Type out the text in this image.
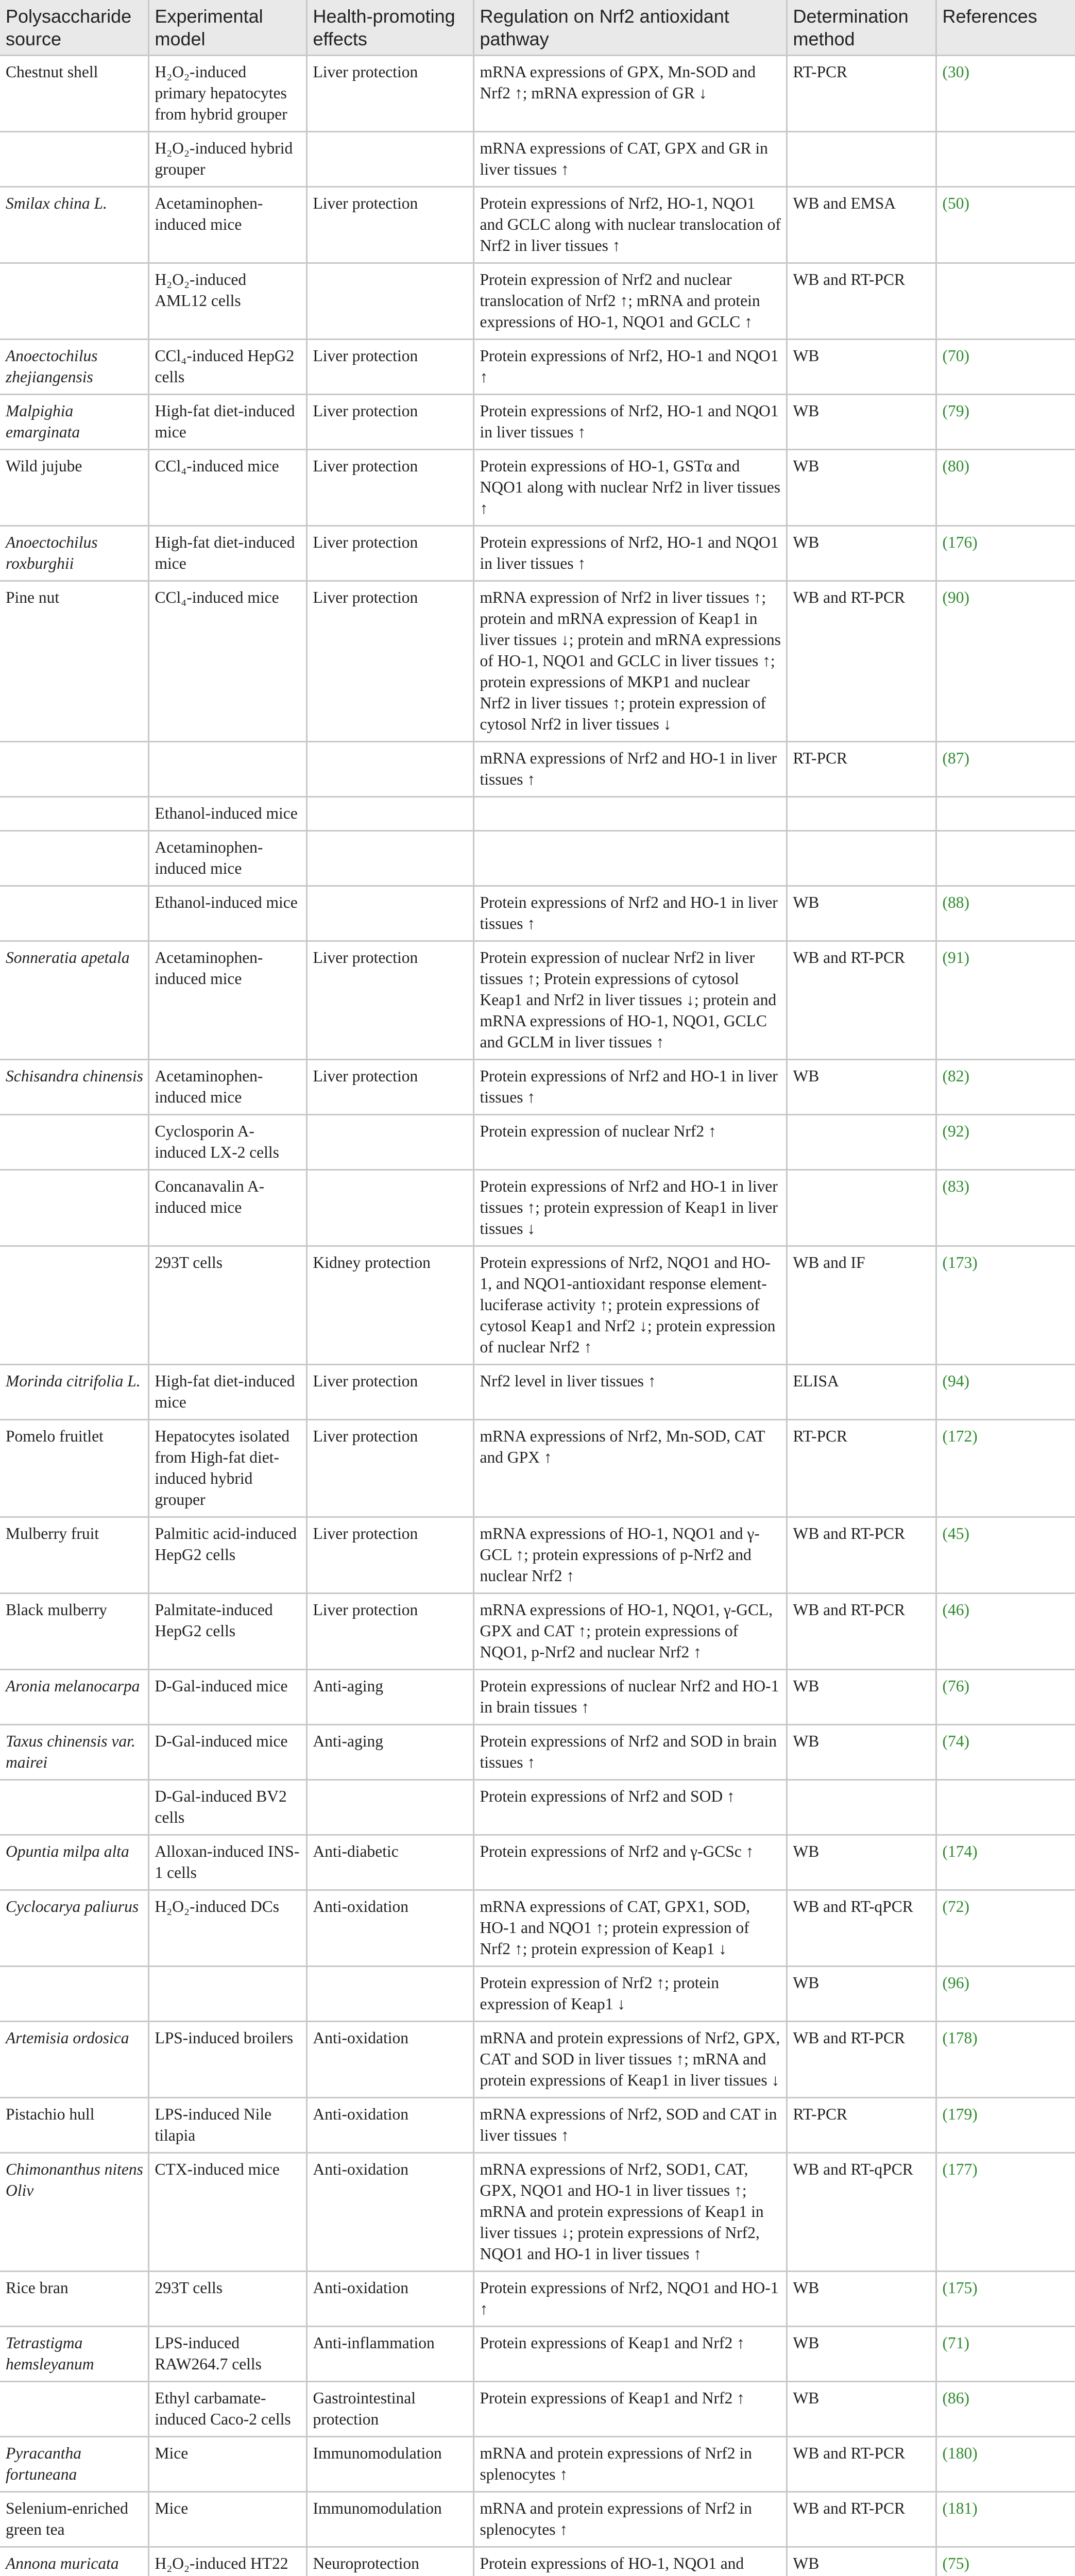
Polysaccharide source	Experimental model	Health-promoting effects	Regulation on Nrf2 antioxidant pathway	Determination method	References
Chestnut shell	H₂O₂-induced primary hepatocytes from hybrid grouper	Liver protection	mRNA expressions of GPX, Mn-SOD and Nrf2 ↑; mRNA expression of GR ↓	RT-PCR	(30)
	H₂O₂-induced hybrid grouper		mRNA expressions of CAT, GPX and GR in liver tissues ↑		
Smilax china L.	Acetaminophen-induced mice	Liver protection	Protein expressions of Nrf2, HO-1, NQO1 and GCLC along with nuclear translocation of Nrf2 in liver tissues ↑	WB and EMSA	(50)
	H₂O₂-induced AML12 cells		Protein expression of Nrf2 and nuclear translocation of Nrf2 ↑; mRNA and protein expressions of HO-1, NQO1 and GCLC ↑	WB and RT-PCR	
Anoectochilus zhejiangensis	CCl₄-induced HepG2 cells	Liver protection	Protein expressions of Nrf2, HO-1 and NQO1 ↑	WB	(70)
Malpighia emarginata	High-fat diet-induced mice	Liver protection	Protein expressions of Nrf2, HO-1 and NQO1 in liver tissues ↑	WB	(79)
Wild jujube	CCl₄-induced mice	Liver protection	Protein expressions of HO-1, GSTα and NQO1 along with nuclear Nrf2 in liver tissues ↑	WB	(80)
Anoectochilus roxburghii	High-fat diet-induced mice	Liver protection	Protein expressions of Nrf2, HO-1 and NQO1 in liver tissues ↑	WB	(176)
Pine nut	CCl₄-induced mice	Liver protection	mRNA expression of Nrf2 in liver tissues ↑; protein and mRNA expression of Keap1 in liver tissues ↓; protein and mRNA expressions of HO-1, NQO1 and GCLC in liver tissues ↑; protein expressions of MKP1 and nuclear Nrf2 in liver tissues ↑; protein expression of cytosol Nrf2 in liver tissues ↓	WB and RT-PCR	(90)
			mRNA expressions of Nrf2 and HO-1 in liver tissues ↑	RT-PCR	(87)
	Ethanol-induced mice				
	Acetaminophen-induced mice				
	Ethanol-induced mice		Protein expressions of Nrf2 and HO-1 in liver tissues ↑	WB	(88)
Sonneratia apetala	Acetaminophen-induced mice	Liver protection	Protein expression of nuclear Nrf2 in liver tissues ↑; Protein expressions of cytosol Keap1 and Nrf2 in liver tissues ↓; protein and mRNA expressions of HO-1, NQO1, GCLC and GCLM in liver tissues ↑	WB and RT-PCR	(91)
Schisandra chinensis	Acetaminophen-induced mice	Liver protection	Protein expressions of Nrf2 and HO-1 in liver tissues ↑	WB	(82)
	Cyclosporin A-induced LX-2 cells		Protein expression of nuclear Nrf2 ↑		(92)
	Concanavalin A-induced mice		Protein expressions of Nrf2 and HO-1 in liver tissues ↑; protein expression of Keap1 in liver tissues ↓		(83)
	293T cells	Kidney protection	Protein expressions of Nrf2, NQO1 and HO-1, and NQO1-antioxidant response element-luciferase activity ↑; protein expressions of cytosol Keap1 and Nrf2 ↓; protein expression of nuclear Nrf2 ↑	WB and IF	(173)
Morinda citrifolia L.	High-fat diet-induced mice	Liver protection	Nrf2 level in liver tissues ↑	ELISA	(94)
Pomelo fruitlet	Hepatocytes isolated from High-fat diet-induced hybrid grouper	Liver protection	mRNA expressions of Nrf2, Mn-SOD, CAT and GPX ↑	RT-PCR	(172)
Mulberry fruit	Palmitic acid-induced HepG2 cells	Liver protection	mRNA expressions of HO-1, NQO1 and γ-GCL ↑; protein expressions of p-Nrf2 and nuclear Nrf2 ↑	WB and RT-PCR	(45)
Black mulberry	Palmitate-induced HepG2 cells	Liver protection	mRNA expressions of HO-1, NQO1, γ-GCL, GPX and CAT ↑; protein expressions of NQO1, p-Nrf2 and nuclear Nrf2 ↑	WB and RT-PCR	(46)
Aronia melanocarpa	D-Gal-induced mice	Anti-aging	Protein expressions of nuclear Nrf2 and HO-1 in brain tissues ↑	WB	(76)
Taxus chinensis var. mairei	D-Gal-induced mice	Anti-aging	Protein expressions of Nrf2 and SOD in brain tissues ↑	WB	(74)
	D-Gal-induced BV2 cells		Protein expressions of Nrf2 and SOD ↑		
Opuntia milpa alta	Alloxan-induced INS-1 cells	Anti-diabetic	Protein expressions of Nrf2 and γ-GCSc ↑	WB	(174)
Cyclocarya paliurus	H₂O₂-induced DCs	Anti-oxidation	mRNA expressions of CAT, GPX1, SOD, HO-1 and NQO1 ↑; protein expression of Nrf2 ↑; protein expression of Keap1 ↓	WB and RT-qPCR	(72)
			Protein expression of Nrf2 ↑; protein expression of Keap1 ↓	WB	(96)
Artemisia ordosica	LPS-induced broilers	Anti-oxidation	mRNA and protein expressions of Nrf2, GPX, CAT and SOD in liver tissues ↑; mRNA and protein expressions of Keap1 in liver tissues ↓	WB and RT-PCR	(178)
Pistachio hull	LPS-induced Nile tilapia	Anti-oxidation	mRNA expressions of Nrf2, SOD and CAT in liver tissues ↑	RT-PCR	(179)
Chimonanthus nitens Oliv	CTX-induced mice	Anti-oxidation	mRNA expressions of Nrf2, SOD1, CAT, GPX, NQO1 and HO-1 in liver tissues ↑; mRNA and protein expressions of Keap1 in liver tissues ↓; protein expressions of Nrf2, NQO1 and HO-1 in liver tissues ↑	WB and RT-qPCR	(177)
Rice bran	293T cells	Anti-oxidation	Protein expressions of Nrf2, NQO1 and HO-1 ↑	WB	(175)
Tetrastigma hemsleyanum	LPS-induced RAW264.7 cells	Anti-inflammation	Protein expressions of Keap1 and Nrf2 ↑	WB	(71)
	Ethyl carbamate-induced Caco-2 cells	Gastrointestinal protection	Protein expressions of Keap1 and Nrf2 ↑	WB	(86)
Pyracantha fortuneana	Mice	Immunomodulation	mRNA and protein expressions of Nrf2 in splenocytes ↑	WB and RT-PCR	(180)
Selenium-enriched green tea	Mice	Immunomodulation	mRNA and protein expressions of Nrf2 in splenocytes ↑	WB and RT-PCR	(181)
Annona muricata	H₂O₂-induced HT22	Neuroprotection	Protein expressions of HO-1, NQO1 and	WB	(75)
